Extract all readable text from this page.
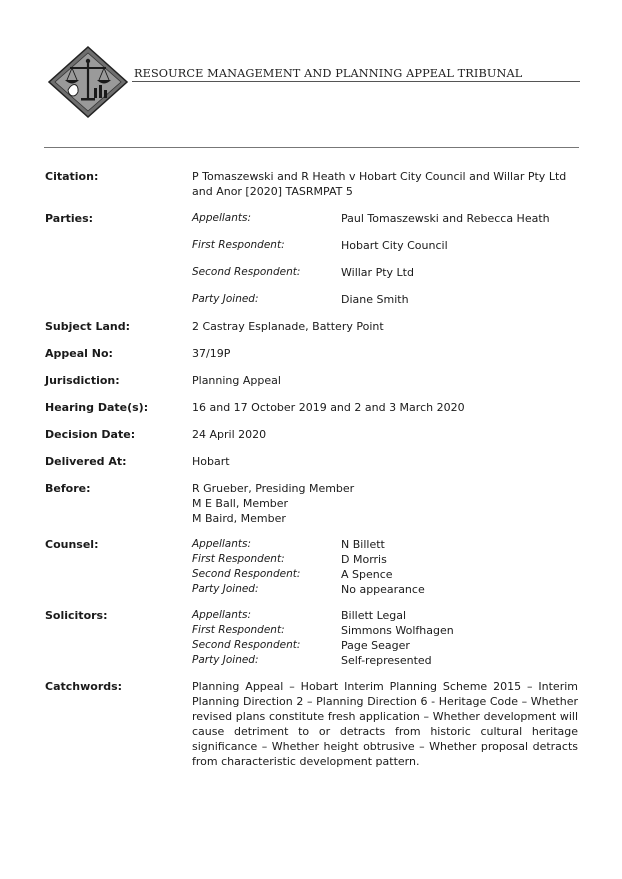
RESOURCE MANAGEMENT AND PLANNING APPEAL TRIBUNAL
Citation:	P Tomaszewski and R Heath v Hobart City Council and Willar Pty Ltd and Anor [2020] TASRMPAT 5
Parties:	Appellants:	Paul Tomaszewski and Rebecca Heath
First Respondent:	Hobart City Council
Second Respondent:	Willar Pty Ltd
Party Joined:	Diane Smith
Subject Land:	2 Castray Esplanade, Battery Point
Appeal No:	37/19P
Jurisdiction:	Planning Appeal
Hearing Date(s):	16 and 17 October 2019 and 2 and 3 March 2020
Decision Date:	24 April 2020
Delivered At:	Hobart
Before:	R Grueber, Presiding Member
M E Ball, Member
M Baird, Member
Counsel:	Appellants:	N Billett
First Respondent:	D Morris
Second Respondent:	A Spence
Party Joined:	No appearance
Solicitors:	Appellants:	Billett Legal
First Respondent:	Simmons Wolfhagen
Second Respondent:	Page Seager
Party Joined:	Self-represented
Catchwords:	Planning Appeal – Hobart Interim Planning Scheme 2015 – Interim Planning Direction 2 – Planning Direction 6 - Heritage Code – Whether revised plans constitute fresh application – Whether development will cause detriment to or detracts from historic cultural heritage significance – Whether height obtrusive – Whether proposal detracts from characteristic development pattern.
